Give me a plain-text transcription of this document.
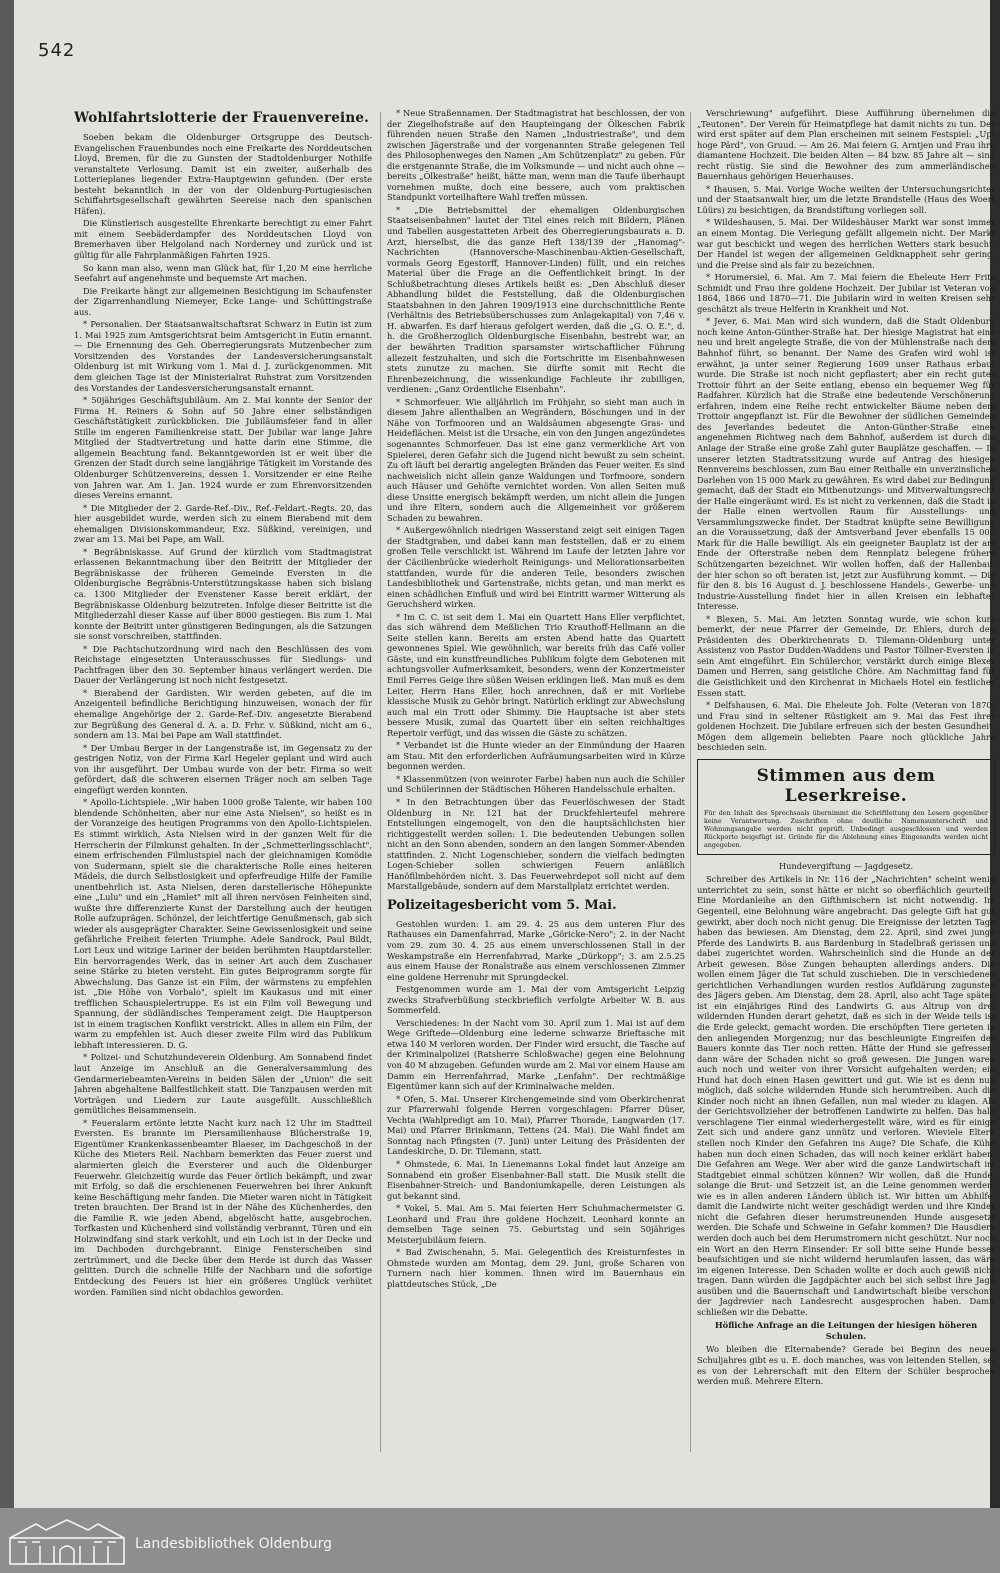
542
Wohlfahrtslotterie der Frauenvereine.

Soeben bekam die Oldenburger Ortsgruppe des Deutsch-Evangelischen Frauenbundes noch eine Freikarte des Norddeutschen Lloyd, Bremen, für die zu Gunsten der Stadtoldenburger Nothilfe veranstaltete Verlosung. Damit ist ein zweiter, außerhalb des Lotterieplanes liegender Extra-Hauptgewinn gefunden. (Der erste besteht bekanntlich in der von der Oldenburg-Portugiesischen Schiffahrtsgesellschaft gewährten Seereise nach den spanischen Häfen).

Die Künstlerisch ausgestellte Ehrenkarte berechtigt zu einer Fahrt mit einem Seebäderdampfer des Norddeutschen Lloyd von Bremerhaven über Helgoland nach Norderney und zurück und ist gültig für alle Fahrplanmäßigen Fahrten 1925.

So kann man also, wenn man Glück hat, für 1,20 M eine herrliche Seefahrt auf angenehmste und bequemste Art machen.

Die Freikarte hängt zur allgemeinen Besichtigung im Schaufenster der Zigarrenhandlung Niemeyer, Ecke Lange- und Schüttingstraße aus.

* Personalien. Der Staatsanwaltschaftsrat Schwarz in Eutin ist zum 1. Mai 1925 zum Amtsgerichtsrat beim Amtsgericht in Eutin ernannt. — Die Ernennung des Geh. Oberregierungsrats Mutzenbecher zum Vorsitzenden des Vorstandes der Landesversicherungsanstalt Oldenburg ist mit Wirkung vom 1. Mai d. J. zurückgenommen. Mit dem gleichen Tage ist der Ministerialrat Ruhstrat zum Vorsitzenden des Vorstandes der Landesversicherungsanstalt ernannt.

* 50jähriges Geschäftsjubiläum. Am 2. Mai konnte der Senior der Firma H. Reiners & Sohn auf 50 Jahre einer selbständigen Geschäftstätigkeit zurückblicken. Die Jubiläumsfeier fand in aller Stille im engeren Familienkreise statt. Der Jubilar war lange Jahre Mitglied der Stadtvertretung und hatte darin eine Stimme, die allgemein Beachtung fand. Bekanntgeworden ist er weit über die Grenzen der Stadt durch seine langjährige Tätigkeit im Vorstande des Oldenburger Schützenvereins, dessen 1. Vorsitzender er eine Reihe von Jahren war. Am 1. Jan. 1924 wurde er zum Ehrenvorsitzenden dieses Vereins ernannt.

* Die Mitglieder der 2. Garde-Ref.-Div., Ref.-Feldart.-Regts. 20, das hier ausgebildet wurde, werden sich zu einem Bierabend mit dem ehemaligen Divisionskommandeur, Exz. Süßkind, vereinigen, und zwar am 13. Mai bei Pape, am Wall.

* Begräbniskasse. Auf Grund der kürzlich vom Stadtmagistrat erlassenen Bekanntmachung über den Beitritt der Mitglieder der Begräbniskasse der früheren Gemeinde Eversten in die Oldenburgische Begräbnis-Unterstützungskasse haben sich bislang ca. 1300 Mitglieder der Evenstener Kasse bereit erklärt, der Begräbniskasse Oldenburg beizutreten. Infolge dieser Beitritte ist die Mitgliederzahl dieser Kasse auf über 8000 gestiegen. Bis zum 1. Mai konnte der Beitritt unter günstigeren Bedingungen, als die Satzungen sie sonst vorschreiben, stattfinden.

* Die Pachtschutzordnung wird nach den Beschlüssen des vom Reichstage eingesetzten Unterausschusses für Siedlungs- und Pachtfragen über den 30. September hinaus verlängert werden. Die Dauer der Verlängerung ist noch nicht festgesetzt.

* Bierabend der Gardisten. Wir werden gebeten, auf die im Anzeigenteil befindliche Berichtigung hinzuweisen, wonach der für ehemalige Angehörige der 2. Garde-Ref.-Div. angesetzte Bierabend zur Begrüßung des General d. A. a. D. Frhr. v. Süßkind, nicht am 6., sondern am 13. Mai bei Pape am Wall stattfindet.

* Der Umbau Berger in der Langenstraße ist, im Gegensatz zu der gestrigen Notiz, von der Firma Karl Hegeler geplant und wird auch von ihr ausgeführt. Der Umbau wurde von der betr. Firma so weit gefördert, daß die schweren eisernen Träger noch am selben Tage eingefügt werden konnten.

* Apollo-Lichtspiele. „Wir haben 1000 große Talente, wir haben 100 blendende Schönheiten, aber nur eine Asta Nielsen", so heißt es in der Voranzeige des heutigen Programms von den Apollo-Lichtspielen. Es stimmt wirklich, Asta Nielsen wird in der ganzen Welt für die Herrscherin der Filmkunst gehalten. In der „Schmetterlingsschlacht", einem erfrischenden Filmlustspiel nach der gleichnamigen Komödie von Sudermann, spielt sie die charakterische Rolle eines heiteren Mädels, die durch Selbstlosigkeit und opferfreudige Hilfe der Familie unentbehrlich ist. Asta Nielsen, deren darstellerische Höhepunkte eine „Lulu" und ein „Hamlet" mit all ihren nervösen Feinheiten sind, wußte ihre differenzierte Kunst der Darstellung auch der heutigen Rolle aufzuprägen. Schönzel, der leichtfertige Genußmensch, gab sich wieder als ausgeprägter Charakter. Seine Gewissenlosigkeit und seine gefährliche Freiheit feierten Triumphe. Adele Sandrock, Paul Bildt, Lori Leux und witzige Lariner der beiden berühmten Hauptdarsteller. Ein hervorragendes Werk, das in seiner Art auch dem Zuschauer seine Stärke zu bieten versteht. Ein gutes Beiprogramm sorgte für Abwechslung. Das Ganze ist ein Film, der wärmstens zu empfehlen ist. „Die Höhe von Vorbalo", spielt im Kaukasus und mit einer trefflichen Schauspielertruppe. Es ist ein Film voll Bewegung und Spannung, der südländisches Temperament zeigt. Die Hauptperson ist in einem tragischen Konflikt verstrickt. Alles in allem ein Film, der warm zu empfehlen ist. Auch dieser zweite Film wird das Publikum lebhaft interessieren. D. G.

* Polizei- und Schutzhundeverein Oldenburg. Am Sonnabend findet laut Anzeige im Anschluß an die Generalversammlung des Gendarmeriebeamten-Vereins in beiden Sälen der „Union" die seit Jahren abgehaltene Ballfestlichkeit statt. Die Tanzpausen werden mit Vorträgen und Liedern zur Laute ausgefüllt. Ausschließlich gemütliches Beisammensein.

* Feueralarm ertönte letzte Nacht kurz nach 12 Uhr im Stadtteil Eversten. Es brannte im Piersamilienhause Blücherstraße 19, Eigentümer Krankenkassenbeamter Blaeser, im Dachgeschoß in der Küche des Mieters Reil. Nachbarn bemerkten das Feuer zuerst und alarmierten gleich die Eversterer und auch die Oldenburger Feuerwehr. Gleichzeitig wurde das Feuer örtlich bekämpft, und zwar mit Erfolg, so daß die erschienenen Feuerwehren bei ihrer Ankunft keine Beschäftigung mehr fanden. Die Mieter waren nicht in Tätigkeit treten brauchten. Der Brand ist in der Nähe des Küchenherdes, den die Familie R. wie jeden Abend, abgelöscht hatte, ausgebrochen. Torfkasten und Küchenherd sind vollständig verbrannt, Türen und ein Holzwindfang sind stark verkohlt, und ein Loch ist in der Decke und im Dachboden durchgebrannt. Einige Fensterscheiben sind zertrümmert, und die Decke über dem Herde ist durch das Wasser gelitten. Durch die schnelle Hilfe der Nachbarn und die sofortige Entdeckung des Feuers ist hier ein größeres Unglück verhütet worden. Familien sind nicht obdachlos geworden.

* Neue Straßennamen. Der Stadtmagistrat hat beschlossen, der von der Ziegelhofstraße auf den Haupteingang der Ölkeschen Fabrik führenden neuen Straße den Namen „Industriestraße", und dem zwischen Jägerstraße und der vorgenannten Straße gelegenen Teil des Philosophenweges den Namen „Am Schützenplatz" zu geben. Für die erstgenannte Straße, die im Volksmunde — und nicht auch ohne — bereits „Ölkestraße" heißt, hätte man, wenn man die Taufe überhaupt vornehmen mußte, doch eine bessere, auch vom praktischen Standpunkt vorteilhaftere Wahl treffen müssen.

* „Die Betriebsmittel der ehemaligen Oldenburgischen Staatseisenbahnen" lautet der Titel eines reich mit Bildern, Plänen und Tabellen ausgestatteten Arbeit des Oberregierungsbaurats a. D. Arzt, hierselbst, die das ganze Heft 138/139 der „Hanomag"-Nachrichten (Hannoversche-Maschinenbau-Aktien-Gesellschaft, vormals Georg Egestorff, Hannover-Linden) füllt, und ein reiches Material über die Frage an die Oeffentlichkeit bringt. In der Schlußbetrachtung dieses Artikels heißt es: „Den Abschluß dieser Abhandlung bildet die Feststellung, daß die Oldenburgischen Staatsbahnen in den Jahren 1909/1913 eine durchschnittliche Rente (Verhältnis des Betriebsüberschusses zum Anlagekapital) von 7,46 v. H. abwarfen. Es darf hieraus gefolgert werden, daß die „G. O. E.", d. h. die Großherzoglich Oldenburgische Eisenbahn, bestrebt war, an der bewährten Tradition sparsamster wirtschaftlicher Führung allezeit festzuhalten, und sich die Fortschritte im Eisenbahnwesen stets zunutze zu machen. Sie dürfte somit mit Recht die Ehrenbezeichnung, die wissenkundige Fachleute ihr zubilligen, verdienen: „Ganz Ordentliche Eisenbahn".

* Schmorfeuer. Wie alljährlich im Frühjahr, so sieht man auch in diesem Jahre allenthalben an Wegrändern, Böschungen und in der Nähe von Torfmooren und an Waldsäumen abgesengte Gras- und Heideflächen. Meist ist die Ursache, ein von den Jungen angezündetes sogenanntes Schmorfeuer. Das ist eine ganz vermerkliche Art von Spielerei, deren Gefahr sich die Jugend nicht bewußt zu sein scheint. Zu oft läuft bei derartig angelegten Bränden das Feuer weiter. Es sind nachweislich nicht allein ganze Waldungen und Torfmoore, sondern auch Häuser und Gehöfte vernichtet worden. Von allen Seiten muß diese Unsitte energisch bekämpft werden, um nicht allein die Jungen und ihre Eltern, sondern auch die Allgemeinheit vor größerem Schaden zu bewahren.

* Außergewöhnlich niedrigen Wasserstand zeigt seit einigen Tagen der Stadtgraben, und dabei kann man feststellen, daß er zu einem großen Teile verschlickt ist. Während im Laufe der letzten Jahre vor der Cäcilienbrücke wiederholt Reinigungs- und Meliorationsarbeiten stattfanden, wurde für die anderen Teile, besonders zwischen Landesbibliothek und Gartenstraße, nichts getan, und man merkt es einen schädlichen Einfluß und wird bei Eintritt warmer Witterung als Geruchsherd wirken.

* Im C. C. ist seit dem 1. Mai ein Quartett Hans Eller verpflichtet, das sich während dem Meßlichen Trio Krauthoff-Hellmann an die Seite stellen kann. Bereits am ersten Abend hatte das Quartett gewonnenes Spiel. Wie gewöhnlich, war bereits früh das Café voller Gäste, und ein kunstfreundliches Publikum folgte dem Gebotenen mit achtungsvoller Aufmerksamkeit, besonders, wenn der Konzertmeister Emil Ferres Geige ihre süßen Weisen erklingen ließ. Man muß es dem Leiter, Herrn Hans Eller, hoch anrechnen, daß er mit Vorliebe klassische Musik zu Gehör bringt. Natürlich erklingt zur Abwechslung auch mal ein Trott oder Shimmy. Die Hauptsache ist aber stets bessere Musik, zumal das Quartett über ein selten reichhaltiges Repertoir verfügt, und das wissen die Gäste zu schätzen.

* Verbandet ist die Hunte wieder an der Einmündung der Haaren am Stau. Mit den erforderlichen Aufräumungsarbeiten wird in Kürze begonnen werden.

* Klassenmützen (von weinroter Farbe) haben nun auch die Schüler und Schülerinnen der Städtischen Höheren Handelsschule erhalten.

* In den Betrachtungen über das Feuerlöschwesen der Stadt Oldenburg in Nr. 121 hat der Druckfehlerteufel mehrere Entstellungen eingemogelt, von den die hauptsächlichsten hier richtiggestellt werden sollen: 1. Die bedeutenden Uebungen sollen nicht an den Sonn abenden, sondern an den langen Sommer-Abenden stattfinden. 2. Nicht Logenschieber, sondern die vielfach bedingten Logen-Schieber sollen schwierigen Feuern anläßlich Hanöfilmbehörden nicht. 3. Das Feuerwehrdepot soll nicht auf dem Marstallgebäude, sondern auf dem Marstallplatz errichtet werden.

Polizeitagesbericht vom 5. Mai.

Gestohlen wurden: 1. am 29. 4. 25 aus dem unteren Flur des Rathauses ein Damenfahrrad, Marke „Göricke-Nero"; 2. in der Nacht vom 29. zum 30. 4. 25 aus einem unverschlossenen Stall in der Weskampstraße ein Herrenfahrrad, Marke „Dürkopp"; 3. am 2.5.25 aus einem Hause der Ronalstraße aus einem verschlossenen Zimmer eine goldene Herrenuhr mit Sprungdeckel.

Festgenommen wurde am 1. Mai der vom Amtsgericht Leipzig zwecks Strafverbüßung steckbrieflich verfolgte Arbeiter W. B. aus Sommerfeld.

Verschiedenes: In der Nacht vom 30. April zum 1. Mai ist auf dem Wege Griftede—Oldenburg eine lederne schwarze Brieftasche mit etwa 140 M verloren worden. Der Finder wird ersucht, die Tasche auf der Kriminalpolizei (Ratsherre Schloßwache) gegen eine Belohnung von 40 M abzugeben. Gefunden wurde am 2. Mai vor einem Hause am Damm ein Herrenfahrrad, Marke „Lenfahn". Der rechtmäßige Eigentümer kann sich auf der Kriminalwache melden.

* Ofen, 5. Mai. Unserer Kirchengemeinde sind vom Oberkirchenrat zur Pfarrerwahl folgende Herren vorgeschlagen: Pfarrer Düser, Vechta (Wahlpredigt am 10. Mai), Pfarrer Thorade, Langwarden (17. Mai) und Pfarrer Brinkmann, Tettens (24. Mai). Die Wahl findet am Sonntag nach Pfingsten (7. Juni) unter Leitung des Präsidenten der Landeskirche, D. Dr. Tilemann, statt.

* Ohmstede, 6. Mai. In Lienemanns Lokal findet laut Anzeige am Sonnabend ein großer Eisenbahner-Ball statt. Die Musik stellt die Eisenbahner-Streich- und Bandoniumkapelle, deren Leistungen als gut bekannt sind.

* Vokel, 5. Mai. Am 5. Mai feierten Herr Schuhmachermeister G. Leonhard und Frau ihre goldene Hochzeit. Leonhard konnte an demselben Tage seinen 75. Geburtstag und sein 50jähriges Meisterjubiläum feiern.

* Bad Zwischenahn, 5. Mai. Gelegentlich des Kreisturnfestes in Ohmstede wurden am Montag, dem 29. Juni, große Scharen von Turnern nach hier kommen. Ihnen wird im Bauernhaus ein plattdeutsches Stück, „De

Verschriewung" aufgeführt. Diese Aufführung übernehmen die „Teutonen". Der Verein für Heimatpflege hat damit nichts zu tun. Der wird erst später auf dem Plan erscheinen mit seinem Festspiel: „Upt hoge Pärd", von Gruud. — Am 26. Mai feiern G. Arntjen und Frau ihre diamantene Hochzeit. Die beiden Alten — 84 bzw. 85 Jahre alt — sind recht rüstig. Sie sind die Bewohner des zum ammerländischen Bauernhaus gehörigen Heuerhauses.

* Ihausen, 5. Mai. Vorige Woche weilten der Untersuchungsrichter und der Staatsanwalt hier, um die letzte Brandstelle (Haus des Woert Lüürs) zu besichtigen, da Brandstiftung vorliegen soll.

* Wildeshausen, 5. Mai. Der Wildeshäuser Markt war sonst immer an einem Montag. Die Verlegung gefällt allgemein nicht. Der Markt war gut beschickt und wegen des herrlichen Wetters stark besucht. Der Handel ist wegen der allgemeinen Geldknappheit sehr gering, und die Preise sind als fair zu bezeichnen.

* Horumersiel, 6. Mai. Am 7. Mai feiern die Eheleute Herr Fritz Schmidt und Frau ihre goldene Hochzeit. Der Jubilar ist Veteran von 1864, 1866 und 1870—71. Die Jubilarin wird in weiten Kreisen sehr geschätzt als treue Helferin in Krankheit und Not.

* Jever, 6. Mai. Man wird sich wundern, daß die Stadt Oldenburg noch keine Anton-Günther-Straße hat. Der hiesige Magistrat hat eine neu und breit angelegte Straße, die von der Mühlenstraße nach dem Bahnhof führt, so benannt. Der Name des Grafen wird wohl ist erwähnt, ja unter seiner Regierung 1609 unser Rathaus erbaut wurde. Die Straße ist noch nicht gepflastert; aber ein recht gutes Trottoir führt an der Seite entlang, ebenso ein bequemer Weg für Radfahrer. Kürzlich hat die Straße eine bedeutende Verschönerung erfahren, indem eine Reihe recht entwickelter Bäume neben dem Trottoir angepflanzt ist. Für die Bewohner der südlichen Gemeinden des Jeverlandes bedeutet die Anton-Günther-Straße einen angenehmen Richtweg nach dem Bahnhof, außerdem ist durch die Anlage der Straße eine große Zahl guter Bauplätze geschaffen. — In unserer letzten Stadtratssitzung wurde auf Antrag des hiesigen Rennvereins beschlossen, zum Bau einer Reithalle ein unverzinsliches Darlehen von 15 000 Mark zu gewähren. Es wird dabei zur Bedingung gemacht, daß der Stadt ein Mitbenutzungs- und Mitverwaltungsrecht der Halle eingeräumt wird. Es ist nicht zu verkennen, daß die Stadt in der Halle einen wertvollen Raum für Ausstellungs- und Versammlungszwecke findet. Der Stadtrat knüpfte seine Bewilligung an die Voraussetzung, daß der Amtsverband Jever ebenfalls 15 000 Mark für die Halle bewilligt. Als ein geeigneter Bauplatz ist der am Ende der Ofterstraße neben dem Rennplatz belegene frühere Schützengarten bezeichnet. Wir wollen hoffen, daß der Hallenbau, der hier schon so oft beraten ist, jetzt zur Ausführung kommt. — Die für den 8. bis 16 August d. J. beschlossene Handels-, Gewerbe- und Industrie-Ausstellung findet hier in allen Kreisen ein lebhaftes Interesse.

* Blexen, 5. Mai. Am letzten Sonntag wurde, wie schon kurz bemerkt, der neue Pfarrer der Gemeinde, Dr. Ehlers, durch den Präsidenten des Oberkirchenrats D. Tilemann-Oldenburg unter Assistenz von Pastor Dudden-Waddens und Pastor Töllner-Eversten in sein Amt eingeführt. Ein Schülerchor, verstärkt durch einige Blexer Damen und Herren, sang geistliche Chöre. Am Nachmittag fand für die Geistlichkeit und den Kirchenrat in Michaels Hotel ein festliches Essen statt.

* Delfshausen, 6. Mai. Die Eheleute Joh. Folte (Veteran von 1870) und Frau sind in seltener Rüstigkeit am 9. Mai das Fest ihrer goldenen Hochzeit. Die Jubilare erfreuen sich der besten Gesundheit. Mögen dem allgemein beliebten Paare noch glückliche Jahre beschieden sein.

Stimmen aus dem Leserkreise.

Für den Inhalt des Sprechsaals übernimmt die Schriftleitung den Lesern gegenüber keine Verantwortung. Zuschriften ohne deutliche Namensunterschrift und Wohnungsangabe werden nicht geprüft. Unbedingt ausgeschlossen und werden Rückporto beigefügt ist. Gründe für die Ablehnung eines Eingesandts werden nicht angegeben.

Hundevergiftung — Jagdgesetz.

Schreiber des Artikels in Nr. 116 der „Nachrichten" scheint wenig unterrichtet zu sein, sonst hätte er nicht so oberflächlich geurteilt. Eine Mordanleihe an den Gifthmischern ist nicht notwendig. Im Gegenteil, eine Belohnung wäre angebracht. Das gelegte Gift hat gut gewirkt, aber doch noch nicht genug. Die Ereignisse der letzten Tage haben das bewiesen. Am Dienstag, dem 22. April, sind zwei junge Pferde des Landwirts B. aus Bardenburg in Stadelbraß gerissen und dabei zugerichtet worden. Wahrscheinlich sind die Hunde an der Arbeit gewesen. Böse Zungen behaupten allerdings anders. Die wollen einem Jäger die Tat schuld zuschieben. Die in verschiedenen gerichtlichen Verhandlungen wurden restlos Aufklärung zugunsten des Jägers geben. Am Dienstag, dem 28. April, also acht Tage später, ist ein einjähriges Rind des Landwirts G. aus Altrup von drei wildernden Hunden derart gehetzt, daß es sich in der Weide teils ist die Erde geleckt, gemacht worden. Die erschöpften Tiere gerieten in den anliegenden Morgenzug; nur das beschleunigte Eingreifen des Bauers konnte das Tier noch retten. Hätte der Hund sie gefressen, dann wäre der Schaden nicht so groß gewesen. Die Jungen waren auch noch und weiter von ihrer Vorsicht aufgehalten werden; ein Hund hat doch einen Hasen gewittert und gut. Wie ist es denn nun möglich, daß solche wildernden Hunde sich herumtreiben. Auch die Kinder noch nicht an ihnen Gefallen, nun mal wieder zu klagen. Als der Gerichtsvollzieher der betroffenen Landwirte zu helfen. Das halb verschlagene Tier einmal wiederhergestellt wäre, wird es für einige Zeit sich und andere ganz unnütz und verloren. Wieviele Eltern stellen noch Kinder den Gefahren ins Auge? Die Schafe, die Kühe haben nun doch einen Schaden, das will noch keiner erklärt haben. Die Gefahren am Wege. Wer aber wird die ganze Landwirtschaft im Stadtgebiet einmal schützen können? Wir wollen, daß die Hunde, solange die Brut- und Setzzeit ist, an die Leine genommen werden, wie es in allen anderen Ländern üblich ist. Wir bitten um Abhilfe, damit die Landwirte nicht weiter geschädigt werden und ihre Kinder nicht die Gefahren dieser herumstreunenden Hunde ausgesetzt werden. Die Schafe und Schweine in Gefahr kommen? Die Hausdiere werden doch auch bei dem Herumstromern nicht geschützt. Nur noch ein Wort an den Herrn Einsender: Er soll bitte seine Hunde besser beaufsichtigen und sie nicht wildernd herumlaufen lassen, das wäre im eigenen Interesse. Den Schaden wollte er doch auch gewiß nicht tragen. Dann würden die Jagdpächter auch bei sich selbst ihre Jagd ausüben und die Bauernschaft und Landwirtschaft bleibe verschont, der Jagdrevier nach Landesrecht ausgesprochen haben. Damit schließen wir die Debatte.

Höfliche Anfrage an die Leitungen der hiesigen höheren Schulen.

Wo bleiben die Elternabende? Gerade bei Beginn des neuen Schuljahres gibt es u. E. doch manches, was von leitenden Stellen, sei es von der Lehrerschaft mit den Eltern der Schüler besprochen werden muß. Mehrere Eltern.

Landesbibliothek Oldenburg
